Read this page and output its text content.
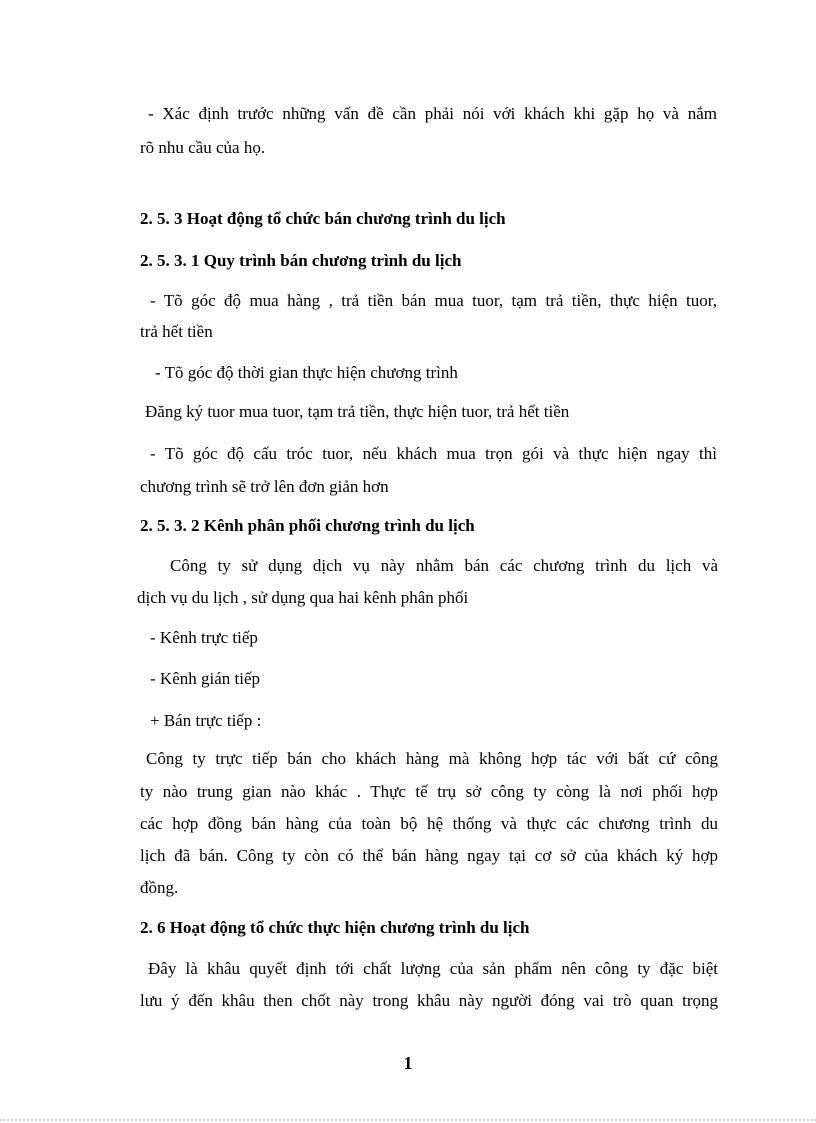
- Xác định trước những vấn đề cần phải nói với khách khi gặp họ và nắm
rõ nhu cầu của họ.
2. 5. 3 Hoạt động tổ chức bán chương trình du lịch
2. 5. 3. 1 Quy trình bán chương trình du lịch
- Tõ góc độ mua hàng , trả tiền bán mua tuor, tạm trả tiền, thực hiện tuor,
trả hết tiền
- Tõ góc độ thời gian thực hiện chương trình
Đăng ký tuor mua tuor, tạm trả tiền, thực hiện tuor, trả hết tiền
- Tõ góc độ cấu tróc tuor, nếu khách mua trọn gói và thực hiện ngay thì
chương trình sẽ trở lên đơn giản hơn
2. 5. 3. 2 Kênh phân phối chương trình du lịch
Công ty sử dụng dịch vụ này nhằm bán các chương trình du lịch và
dịch vụ du lịch , sử dụng qua hai kênh phân phối
- Kênh trực tiếp
- Kênh gián tiếp
+ Bán trực tiếp :
Công ty trực tiếp bán cho khách hàng mà không hợp tác với bất cứ công
ty nào trung gian nào khác . Thực tế trụ sở công ty còng là nơi phối hợp
các hợp đồng bán hàng của toàn bộ hệ thống và thực các chương trình du
lịch đã bán. Công ty còn có thể bán hàng ngay tại cơ sở của khách ký hợp
đồng.
2. 6 Hoạt động tổ chức thực hiện chương trình du lịch
Đây là khâu quyết định tới chất lượng của sản phẩm nên công ty đặc biệt
lưu ý đến khâu then chốt này trong khâu này người đóng vai trò quan trọng
1
